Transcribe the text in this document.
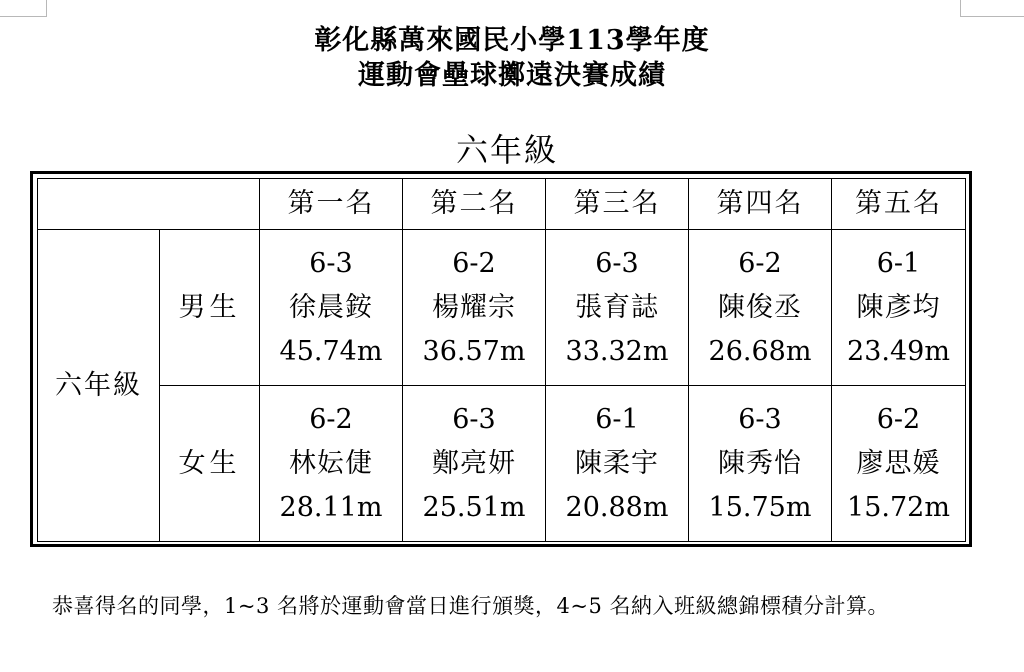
彰化縣萬來國民小學113學年度
運動會壘球擲遠決賽成績
六年級
		第一名	第二名	第三名	第四名	第五名
六年級	男生	6-3
徐晨銨
45.74m	6-2
楊耀宗
36.57m	6-3
張育誌
33.32m	6-2
陳俊丞
26.68m	6-1
陳彥均
23.49m

	女生	6-2
林妘倢
28.11m	6-3
鄭亮妍
25.51m	6-1
陳柔宇
20.88m	6-3
陳秀怡
15.75m	6-2
廖思媛
15.72m
恭喜得名的同學，1~3 名將於運動會當日進行頒獎，4~5 名納入班級總錦標積分計算。
